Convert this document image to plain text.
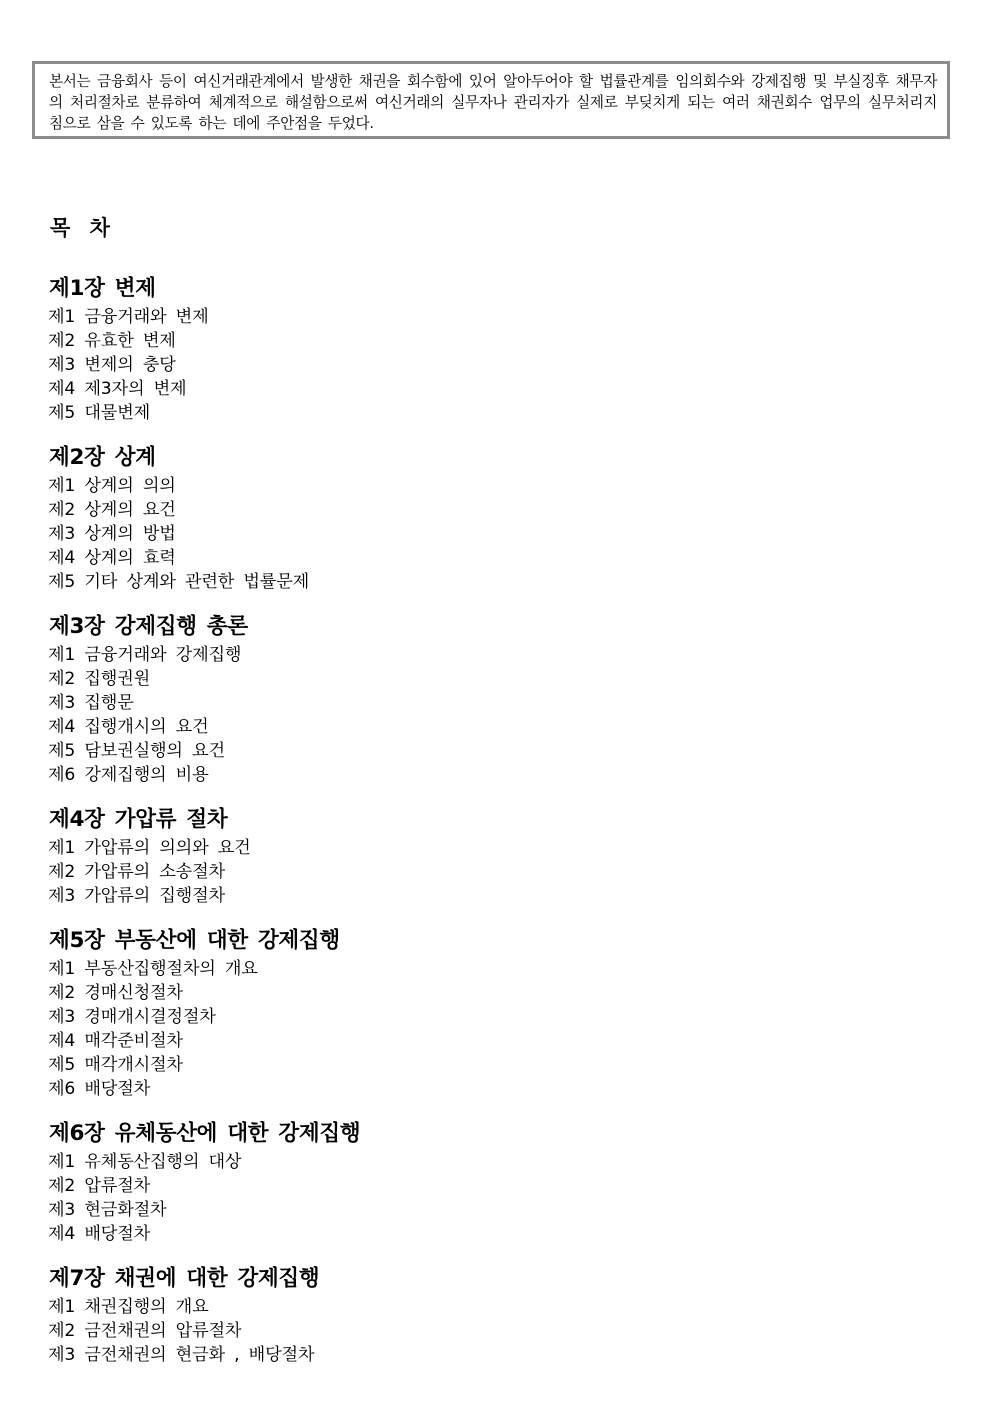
본서는 금융회사 등이 여신거래관계에서 발생한 채권을 회수함에 있어 알아두어야 할 법률관계를 임의회수와 강제집행 및 부실징후 채무자의 처리절차로 분류하여 체계적으로 해설함으로써 여신거래의 실무자나 관리자가 실제로 부딪치게 되는 여러 채권회수 업무의 실무처리지침으로 삼을 수 있도록 하는 데에 주안점을 두었다.

목 차
제1장 변제
제1 금융거래와 변제
제2 유효한 변제
제3 변제의 충당
제4 제3자의 변제
제5 대물변제
제2장 상계
제1 상계의 의의
제2 상계의 요건
제3 상계의 방법
제4 상계의 효력
제5 기타 상계와 관련한 법률문제
제3장 강제집행 총론
제1 금융거래와 강제집행
제2 집행권원
제3 집행문
제4 집행개시의 요건
제5 담보권실행의 요건
제6 강제집행의 비용
제4장 가압류 절차
제1 가압류의 의의와 요건
제2 가압류의 소송절차
제3 가압류의 집행절차
제5장 부동산에 대한 강제집행
제1 부동산집행절차의 개요
제2 경매신청절차
제3 경매개시결정절차
제4 매각준비절차
제5 매각개시절차
제6 배당절차
제6장 유체동산에 대한 강제집행
제1 유체동산집행의 대상
제2 압류절차
제3 현금화절차
제4 배당절차
제7장 채권에 대한 강제집행
제1 채권집행의 개요
제2 금전채권의 압류절차
제3 금전채권의 현금화 , 배당절차
